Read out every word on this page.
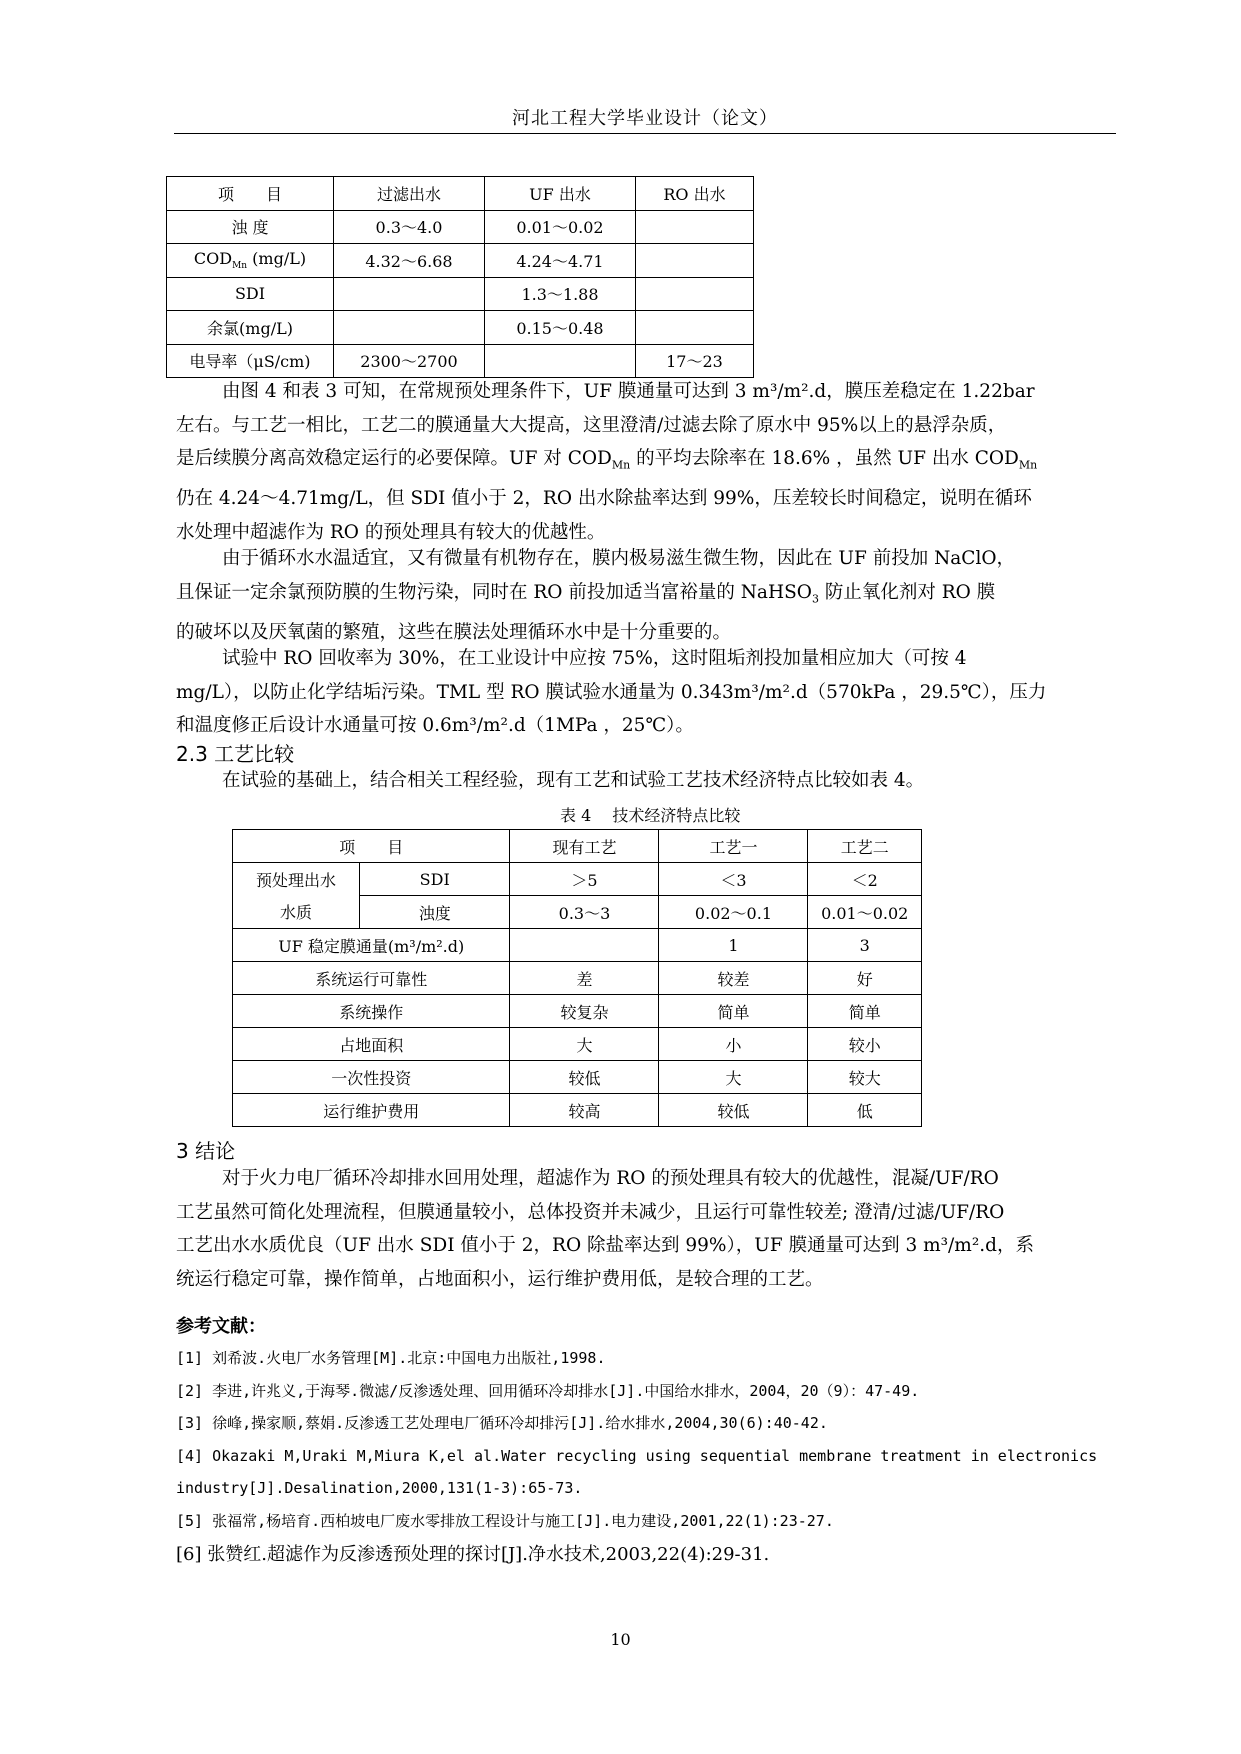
河北工程大学毕业设计（论文）
项　　目	过滤出水	UF 出水	RO 出水
浊 度	0.3～4.0	0.01～0.02	
$COD_{Mn}$ (mg/L)	4.32～6.68	4.24～4.71	
SDI		1.3～1.88	
余氯(mg/L)		0.15～0.48	
电导率（μS/cm)	2300～2700		17～23
由图 4 和表 3 可知，在常规预处理条件下，UF 膜通量可达到 3 m³/m².d，膜压差稳定在 1.22bar
左右。与工艺一相比，工艺二的膜通量大大提高，这里澄清/过滤去除了原水中 95%以上的悬浮杂质，
是后续膜分离高效稳定运行的必要保障。UF 对 $COD_{Mn}$ 的平均去除率在 18.6% ，虽然 UF 出水 $COD_{Mn}$
仍在 4.24～4.71mg/L，但 SDI 值小于 2，RO 出水除盐率达到 99%，压差较长时间稳定，说明在循环
水处理中超滤作为 RO 的预处理具有较大的优越性。
由于循环水水温适宜，又有微量有机物存在，膜内极易滋生微生物，因此在 UF 前投加 NaClO，
且保证一定余氯预防膜的生物污染，同时在 RO 前投加适当富裕量的 NaHSO$_3$ 防止氧化剂对 RO 膜
的破坏以及厌氧菌的繁殖，这些在膜法处理循环水中是十分重要的。
试验中 RO 回收率为 30%，在工业设计中应按 75%，这时阻垢剂投加量相应加大（可按 4
mg/L），以防止化学结垢污染。TML 型 RO 膜试验水通量为 0.343m³/m².d（570kPa ，29.5℃），压力
和温度修正后设计水通量可按 0.6m³/m².d（1MPa ，25℃）。
2.3 工艺比较
在试验的基础上，结合相关工程经验，现有工艺和试验工艺技术经济特点比较如表 4。
表 4　 技术经济特点比较
项　　目		现有工艺	工艺一	工艺二
预处理出水	SDI	＞5	＜3	＜2
水质	浊度	0.3～3	0.02～0.1	0.01～0.02
UF 稳定膜通量(m³/m².d)			1	3
系统运行可靠性		差	较差	好
系统操作		较复杂	简单	简单
占地面积		大	小	较小
一次性投资		较低	大	较大
运行维护费用		较高	较低	低
3 结论
对于火力电厂循环冷却排水回用处理，超滤作为 RO 的预处理具有较大的优越性，混凝/UF/RO
工艺虽然可简化处理流程，但膜通量较小，总体投资并未减少，且运行可靠性较差; 澄清/过滤/UF/RO
工艺出水水质优良（UF 出水 SDI 值小于 2，RO 除盐率达到 99%），UF 膜通量可达到 3 m³/m².d，系
统运行稳定可靠，操作简单，占地面积小，运行维护费用低，是较合理的工艺。
参考文献：
[1] 刘希波.火电厂水务管理[M].北京:中国电力出版社,1998.
[2] 李进,许兆义,于海琴.微滤/反渗透处理、回用循环冷却排水[J].中国给水排水，2004，20（9）：47-49.
[3] 徐峰,操家顺,蔡娟.反渗透工艺处理电厂循环冷却排污[J].给水排水,2004,30(6):40-42.
[4] Okazaki M,Uraki M,Miura K,el al.Water recycling using sequential membrane treatment in electronics
industry[J].Desalination,2000,131(1-3):65-73.
[5] 张福常,杨培育.西柏坡电厂废水零排放工程设计与施工[J].电力建设,2001,22(1):23-27.
[6] 张赞红.超滤作为反渗透预处理的探讨[J].净水技术,2003,22(4):29-31.
10
